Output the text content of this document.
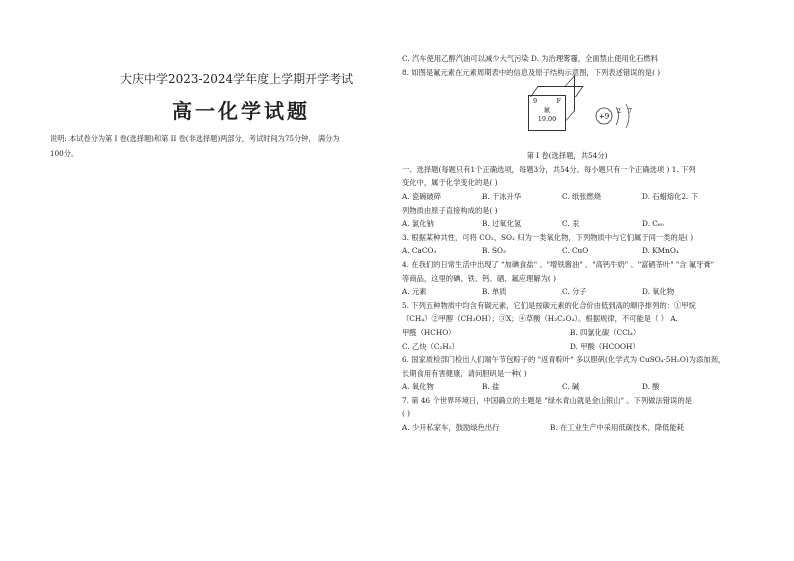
大庆中学2023-2024学年度上学期开学考试
高一化学试题
说明: 本试卷分为第 I 卷(选择题)和第 II 卷(非选择题)两部分，考试时间为75分钟， 满分为
100分。
C. 汽车使用乙醇汽油可以减少大气污染 D. 为治理雾霾，全面禁止使用化石燃料
8. 如图是氟元素在元素周期表中的信息及原子结构示意图，下列表述错误的是( )
9	F
氟
19.00	+9
2 7
第 I 卷(选择题，共54分)
一、选择题(每题只有1个正确选项，每题3分，共54分。每小题只有一个正确选项 ) 1. 下列
变化中，属于化学变化的是( )
A. 瓷碗破碎	B. 干冰升华	C. 纸张燃烧	D. 石蜡熔化2. 下
列物质由原子直接构成的是( )
A. 氯化钠	B. 过氧化氢	C. 汞	D. C₆₀
3. 根据某种共性，可将 CO₂、SO₂ 归为一类氧化物，下列物质中与它们属于同一类的是( )
A. CaCO₃	B. SO₃	C. CuO	D. KMnO₄
4. 在我们的日常生活中出现了 "加碘食盐" 、"增铁酱油" 、"高钙牛奶" 、"富硒茶叶" "含 氟牙膏"
等商品，这里的碘、铁、钙、硒、氟应理解为( )
A. 元素	B. 单质	C. 分子	D. 氧化物
5. 下列五种物质中均含有碳元素，它们是按碳元素的化合价由低到高的顺序排列的：①甲烷
（CH₄）②甲醇（CH₃OH）；③X；④草酸（H₂C₂O₄）。根据规律，不可能是（ ） A.
甲醛（HCHO）	B. 四氯化碳（CCl₄）
C. 乙炔（C₂H₂）	D. 甲酸（HCOOH）
6. 国家质检部门检出人们端午节包粽子的 "返青粽叶" 多以胆矾(化学式为 CuSO₄·5H₂O)为添加剂，
长期食用有害健康，请问胆矾是一种( )
A. 氧化物	B. 盐	C. 碱	D. 酸
7. 第 46 个世界环境日，中国确立的主题是 "绿水青山就是金山银山" 。下列做法错误的是
( )
A. 少开私家车，鼓励绿色出行	B. 在工业生产中采用低碳技术，降低能耗
